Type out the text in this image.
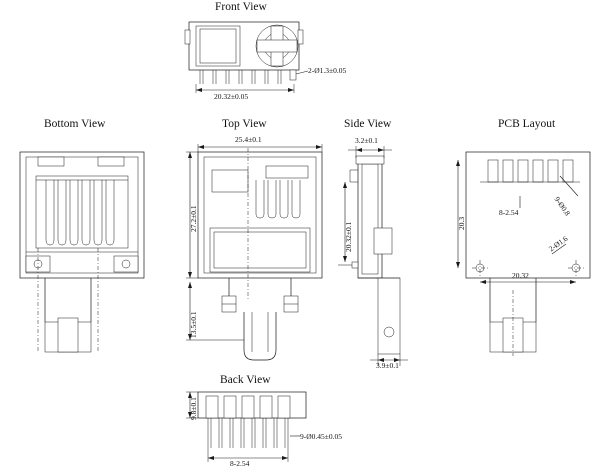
Front View
Bottom View	Top View	Side View	PCB Layout
Back View
2-Ø1.3±0.05
20.32±0.05
25.4±0.1
27.2±0.1
13.5±0.1
3.2±0.1
20.32±0.1
3.9±0.1
20.3
8-2.54	9-Ø0.8
2-Ø1.6
20.32
9.8±0.1
9-Ø0.45±0.05
8-2.54
